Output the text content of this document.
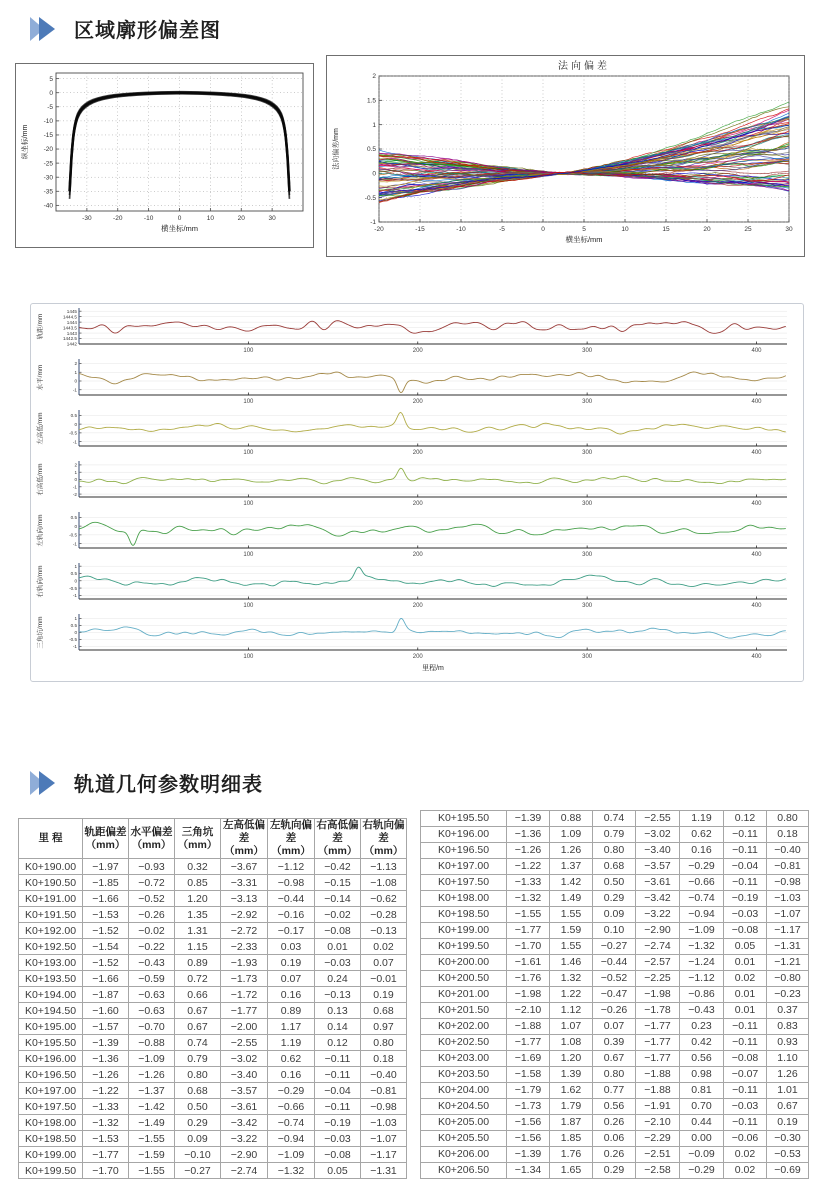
区域廓形偏差图
-30	-20	-10	0	10	20	30
5
0
-5
-10
-15
-20
-25
-30
-35
-40
横坐标/mm
纵坐标/mm
-20	-15	-10	-5	0	5	10	15	20	25	30
-1
-0.5
0
0.5
1
1.5
2
横坐标/mm
法向偏差/mm
法向偏差
1445
1444.5
1444
1443.5
1443
1442.5
1442
100	200	300	400
轨距/mm
2
1
0
-1
100	200	300	400
水平/mm
0.5
0
-0.5
-1
100	200	300	400
左高低/mm
2
1
0
-1
-2
100	200	300	400
右高低/mm
0.5
0
-0.5
-1
100	200	300	400
左轨向/mm
1
0.5
0
-0.5
-1
100	200	300	400
右轨向/mm
1
0.5
0
-0.5
-1
100	200	300	400
三角坑/mm
里程/m
轨道几何参数明细表
里 程	轨距偏差（mm）	水平偏差（mm）	三角坑（mm）	左高低偏差（mm）	左轨向偏差（mm）	右高低偏差（mm）	右轨向偏差（mm）
K0+190.00	−1.97	−0.93	0.32	−3.67	−1.12	−0.42	−1.13
K0+190.50	−1.85	−0.72	0.85	−3.31	−0.98	−0.15	−1.08
K0+191.00	−1.66	−0.52	1.20	−3.13	−0.44	−0.14	−0.62
K0+191.50	−1.53	−0.26	1.35	−2.92	−0.16	−0.02	−0.28
K0+192.00	−1.52	−0.02	1.31	−2.72	−0.17	−0.08	−0.13
K0+192.50	−1.54	−0.22	1.15	−2.33	0.03	0.01	0.02
K0+193.00	−1.52	−0.43	0.89	−1.93	0.19	−0.03	0.07
K0+193.50	−1.66	−0.59	0.72	−1.73	0.07	0.24	−0.01
K0+194.00	−1.87	−0.63	0.66	−1.72	0.16	−0.13	0.19
K0+194.50	−1.60	−0.63	0.67	−1.77	0.89	0.13	0.68
K0+195.00	−1.57	−0.70	0.67	−2.00	1.17	0.14	0.97
K0+195.50	−1.39	−0.88	0.74	−2.55	1.19	0.12	0.80
K0+196.00	−1.36	−1.09	0.79	−3.02	0.62	−0.11	0.18
K0+196.50	−1.26	−1.26	0.80	−3.40	0.16	−0.11	−0.40
K0+197.00	−1.22	−1.37	0.68	−3.57	−0.29	−0.04	−0.81
K0+197.50	−1.33	−1.42	0.50	−3.61	−0.66	−0.11	−0.98
K0+198.00	−1.32	−1.49	0.29	−3.42	−0.74	−0.19	−1.03
K0+198.50	−1.53	−1.55	0.09	−3.22	−0.94	−0.03	−1.07
K0+199.00	−1.77	−1.59	−0.10	−2.90	−1.09	−0.08	−1.17
K0+199.50	−1.70	−1.55	−0.27	−2.74	−1.32	0.05	−1.31
K0+195.50	−1.39	0.88	0.74	−2.55	1.19	0.12	0.80
K0+196.00	−1.36	1.09	0.79	−3.02	0.62	−0.11	0.18
K0+196.50	−1.26	1.26	0.80	−3.40	0.16	−0.11	−0.40
K0+197.00	−1.22	1.37	0.68	−3.57	−0.29	−0.04	−0.81
K0+197.50	−1.33	1.42	0.50	−3.61	−0.66	−0.11	−0.98
K0+198.00	−1.32	1.49	0.29	−3.42	−0.74	−0.19	−1.03
K0+198.50	−1.55	1.55	0.09	−3.22	−0.94	−0.03	−1.07
K0+199.00	−1.77	1.59	0.10	−2.90	−1.09	−0.08	−1.17
K0+199.50	−1.70	1.55	−0.27	−2.74	−1.32	0.05	−1.31
K0+200.00	−1.61	1.46	−0.44	−2.57	−1.24	0.01	−1.21
K0+200.50	−1.76	1.32	−0.52	−2.25	−1.12	0.02	−0.80
K0+201.00	−1.98	1.22	−0.47	−1.98	−0.86	0.01	−0.23
K0+201.50	−2.10	1.12	−0.26	−1.78	−0.43	0.01	0.37
K0+202.00	−1.88	1.07	0.07	−1.77	0.23	−0.11	0.83
K0+202.50	−1.77	1.08	0.39	−1.77	0.42	−0.11	0.93
K0+203.00	−1.69	1.20	0.67	−1.77	0.56	−0.08	1.10
K0+203.50	−1.58	1.39	0.80	−1.88	0.98	−0.07	1.26
K0+204.00	−1.79	1.62	0.77	−1.88	0.81	−0.11	1.01
K0+204.50	−1.73	1.79	0.56	−1.91	0.70	−0.03	0.67
K0+205.00	−1.56	1.87	0.26	−2.10	0.44	−0.11	0.19
K0+205.50	−1.56	1.85	0.06	−2.29	0.00	−0.06	−0.30
K0+206.00	−1.39	1.76	0.26	−2.51	−0.09	0.02	−0.53
K0+206.50	−1.34	1.65	0.29	−2.58	−0.29	0.02	−0.69
